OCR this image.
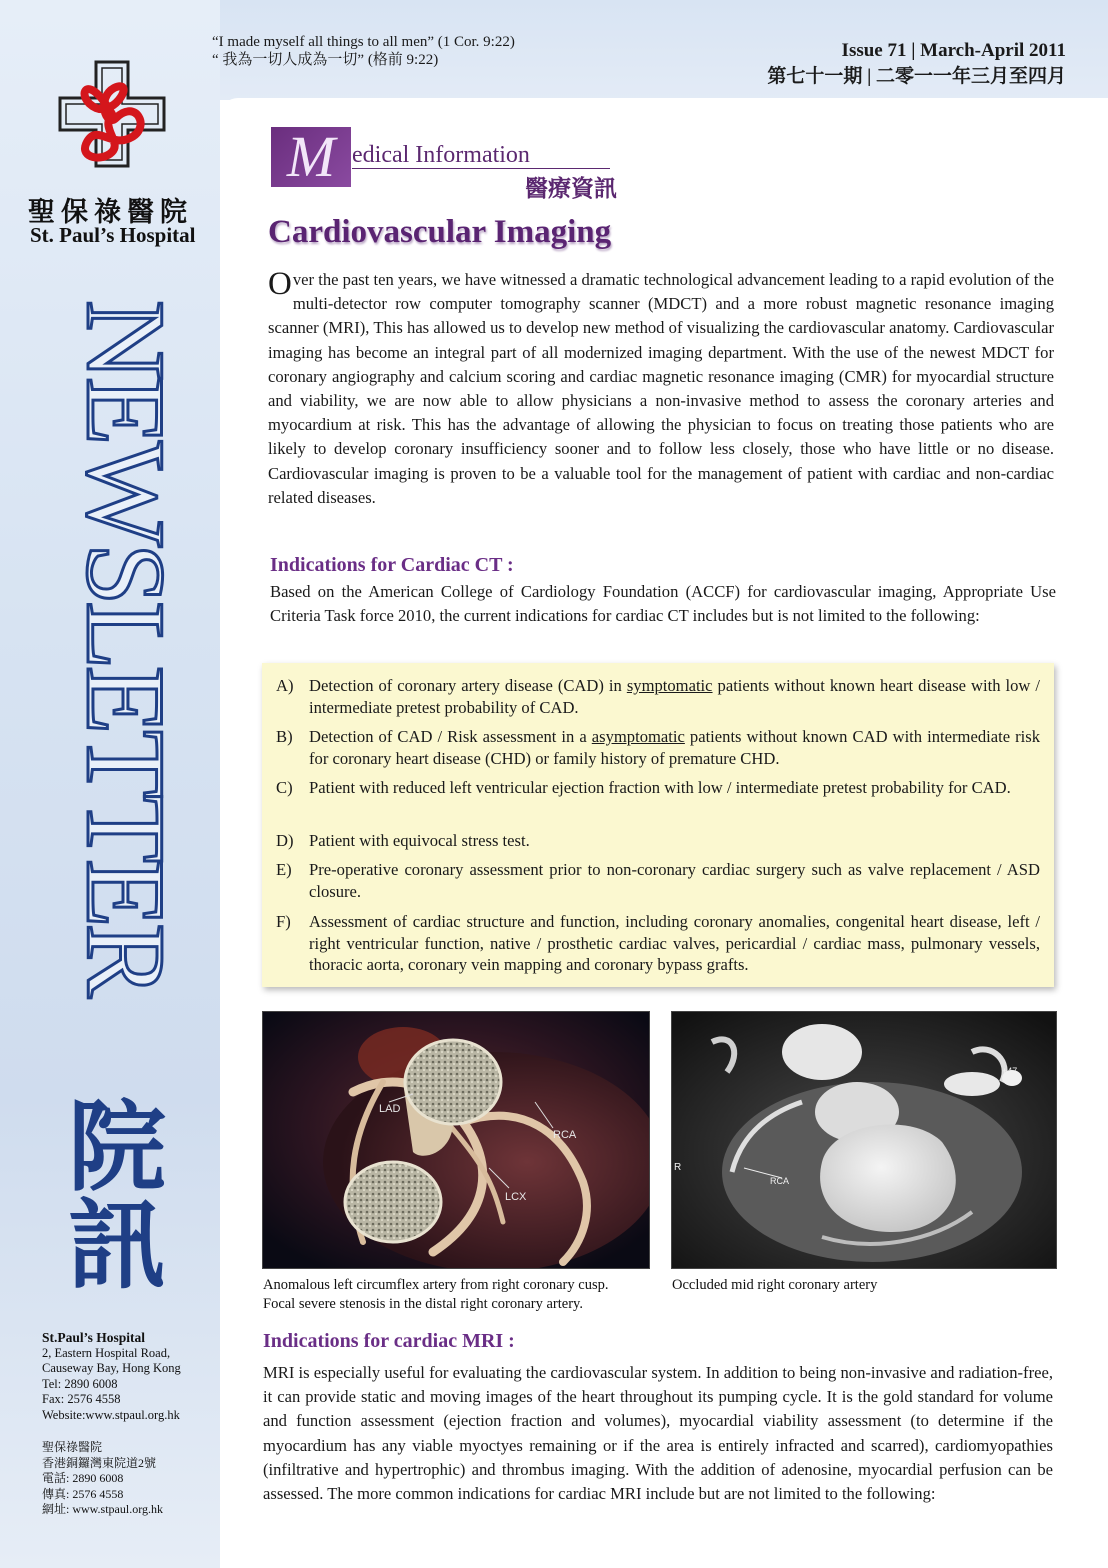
聖保祿醫院
St. Paul’s Hospital
NEWSLETTER
院訊
St.Paul’s Hospital
2, Eastern Hospital Road,
Causeway Bay, Hong Kong
Tel: 2890 6008
Fax: 2576 4558
Website:www.stpaul.org.hk
聖保祿醫院
香港銅鑼灣東院道2號
電話: 2890 6008
傳真: 2576 4558
網址: www.stpaul.org.hk
“I made myself all things to all men” (1 Cor. 9:22)
“ 我為一切人成為一切” (格前 9:22)	Issue 71 | March-April 2011
第七十一期 | 二零一一年三月至四月
M edical Information
醫療資訊
Cardiovascular Imaging
Over the past ten years, we have witnessed a dramatic technological advancement leading to a rapid evolution of the multi-detector row computer tomography scanner (MDCT) and a more robust magnetic resonance imaging scanner (MRI), This has allowed us to develop new method of visualizing the cardiovascular anatomy. Cardiovascular imaging has become an integral part of all modernized imaging department. With the use of the newest MDCT for coronary angiography and calcium scoring and cardiac magnetic resonance imaging (CMR) for myocardial structure and viability, we are now able to allow physicians a non-invasive method to assess the coronary arteries and myocardium at risk. This has the advantage of allowing the physician to focus on treating those patients who are likely to develop coronary insufficiency sooner and to follow less closely, those who have little or no disease. Cardiovascular imaging is proven to be a valuable tool for the management of patient with cardiac and non-cardiac related diseases.
Indications for Cardiac CT :
Based on the American College of Cardiology Foundation (ACCF) for cardiovascular imaging, Appropriate Use Criteria Task force 2010, the current indications for cardiac CT includes but is not limited to the following:
A) Detection of coronary artery disease (CAD) in symptomatic patients without known heart disease with low / intermediate pretest probability of CAD.
B) Detection of CAD / Risk assessment in a asymptomatic patients without known CAD with intermediate risk for coronary heart disease (CHD) or family history of premature CHD.
C) Patient with reduced left ventricular ejection fraction with low / intermediate pretest probability for CAD.
D) Patient with equivocal stress test.
E)	Pre-operative coronary assessment prior to non-coronary cardiac surgery such as valve replacement / ASD closure.
F)	Assessment of cardiac structure and function, including coronary anomalies, congenital heart disease, left / right ventricular function, native / prosthetic cardiac valves, pericardial / cardiac mass, pulmonary vessels, thoracic aorta, coronary vein mapping and coronary bypass grafts.
LAD
RCA
LCX
Anomalous left circumflex artery from right coronary cusp.
Focal severe stenosis in the distal right coronary artery.
RCA
R
+47
-2
Occluded mid right coronary artery
Indications for cardiac MRI :
MRI is especially useful for evaluating the cardiovascular system. In addition to being non-invasive and radiation-free, it can provide static and moving images of the heart throughout its pumping cycle. It is the gold standard for volume and function assessment (ejection fraction and volumes), myocardial viability assessment (to determine if the myocardium has any viable myoctyes remaining or if the area is entirely infracted and scarred), cardiomyopathies (infiltrative and hypertrophic) and thrombus imaging. With the addition of adenosine, myocardial perfusion can be assessed. The more common indications for cardiac MRI include but are not limited to the following:
